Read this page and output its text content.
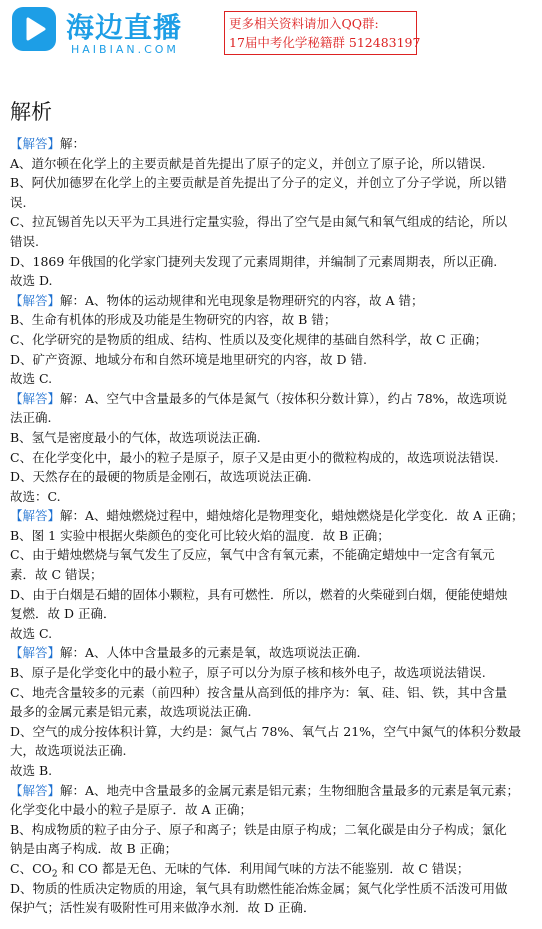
海边直播
HAIBIAN.COM
更多相关资料请加入QQ群:
17届中考化学秘籍群 512483197
解析

【解答】解：

A、道尔顿在化学上的主要贡献是首先提出了原子的定义，并创立了原子论，所以错误.

B、阿伏加德罗在化学上的主要贡献是首先提出了分子的定义，并创立了分子学说，所以错

误.

C、拉瓦锡首先以天平为工具进行定量实验，得出了空气是由氮气和氧气组成的结论，所以

错误.

D、1869 年俄国的化学家门捷列夫发现了元素周期律，并编制了元素周期表，所以正确.

故选 D.

【解答】解：A、物体的运动规律和光电现象是物理研究的内容，故 A 错；

B、生命有机体的形成及功能是生物研究的内容，故 B 错；

C、化学研究的是物质的组成、结构、性质以及变化规律的基础自然科学，故 C 正确；

D、矿产资源、地域分布和自然环境是地里研究的内容，故 D 错.

故选 C.

【解答】解：A、空气中含量最多的气体是氮气（按体积分数计算），约占 78%，故选项说

法正确.

B、氢气是密度最小的气体，故选项说法正确.

C、在化学变化中，最小的粒子是原子，原子又是由更小的微粒构成的，故选项说法错误.

D、天然存在的最硬的物质是金刚石，故选项说法正确.

故选：C.

【解答】解：A、蜡烛燃烧过程中，蜡烛熔化是物理变化，蜡烛燃烧是化学变化．故 A 正确；

B、图 1 实验中根据火柴颜色的变化可比较火焰的温度．故 B 正确；

C、由于蜡烛燃烧与氧气发生了反应，氧气中含有氧元素，不能确定蜡烛中一定含有氧元

素．故 C 错误；

D、由于白烟是石蜡的固体小颗粒，具有可燃性．所以，燃着的火柴碰到白烟，便能使蜡烛

复燃．故 D 正确．

故选 C.

【解答】解：A、人体中含量最多的元素是氧，故选项说法正确.

B、原子是化学变化中的最小粒子，原子可以分为原子核和核外电子，故选项说法错误.

C、地壳含量较多的元素（前四种）按含量从高到低的排序为：氧、硅、铝、铁，其中含量

最多的金属元素是铝元素，故选项说法正确.

D、空气的成分按体积计算，大约是：氮气占 78%、氧气占 21%，空气中氮气的体积分数最

大，故选项说法正确.

故选 B.

【解答】解：A、地壳中含量最多的金属元素是铝元素；生物细胞含量最多的元素是氧元素；

化学变化中最小的粒子是原子．故 A 正确；

B、构成物质的粒子由分子、原子和离子；铁是由原子构成；二氧化碳是由分子构成；氯化

钠是由离子构成．故 B 正确；

C、$CO_2$ 和 CO 都是无色、无味的气体．利用闻气味的方法不能鉴别．故 C 错误；

D、物质的性质决定物质的用途，氧气具有助燃性能冶炼金属；氮气化学性质不活泼可用做

保护气；活性炭有吸附性可用来做净水剂．故 D 正确．
